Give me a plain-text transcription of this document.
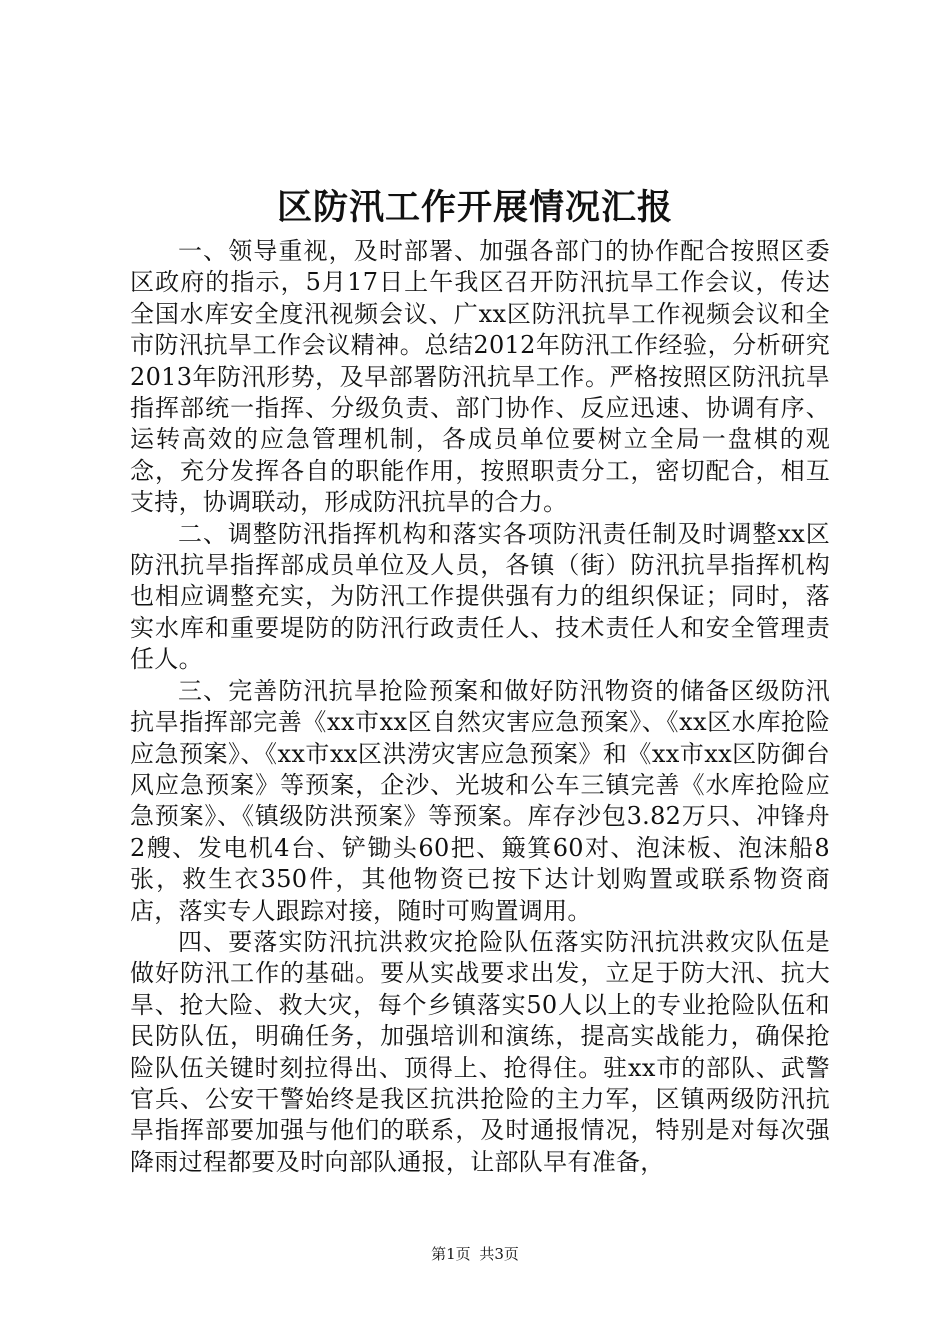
区防汛工作开展情况汇报

一、领导重视，及时部署、加强各部门的协作配合按照区委区政府的指示，5月17日上午我区召开防汛抗旱工作会议，传达全国水库安全度汛视频会议、广xx区防汛抗旱工作视频会议和全市防汛抗旱工作会议精神。总结2012年防汛工作经验，分析研究2013年防汛形势，及早部署防汛抗旱工作。严格按照区防汛抗旱指挥部统一指挥、分级负责、部门协作、反应迅速、协调有序、运转高效的应急管理机制，各成员单位要树立全局一盘棋的观念，充分发挥各自的职能作用，按照职责分工，密切配合，相互支持，协调联动，形成防汛抗旱的合力。

二、调整防汛指挥机构和落实各项防汛责任制及时调整xx区防汛抗旱指挥部成员单位及人员，各镇（街）防汛抗旱指挥机构也相应调整充实，为防汛工作提供强有力的组织保证；同时，落实水库和重要堤防的防汛行政责任人、技术责任人和安全管理责任人。

三、完善防汛抗旱抢险预案和做好防汛物资的储备区级防汛抗旱指挥部完善《xx市xx区自然灾害应急预案》、《xx区水库抢险应急预案》、《xx市xx区洪涝灾害应急预案》和《xx市xx区防御台风应急预案》等预案，企沙、光坡和公车三镇完善《水库抢险应急预案》、《镇级防洪预案》等预案。库存沙包3.82万只、冲锋舟2艘、发电机4台、铲锄头60把、簸箕60对、泡沫板、泡沫船8张，救生衣350件，其他物资已按下达计划购置或联系物资商店，落实专人跟踪对接，随时可购置调用。

四、要落实防汛抗洪救灾抢险队伍落实防汛抗洪救灾队伍是做好防汛工作的基础。要从实战要求出发，立足于防大汛、抗大旱、抢大险、救大灾，每个乡镇落实50人以上的专业抢险队伍和民防队伍，明确任务，加强培训和演练，提高实战能力，确保抢险队伍关键时刻拉得出、顶得上、抢得住。驻xx市的部队、武警官兵、公安干警始终是我区抗洪抢险的主力军，区镇两级防汛抗旱指挥部要加强与他们的联系，及时通报情况，特别是对每次强降雨过程都要及时向部队通报，让部队早有准备，

第1页 共3页
